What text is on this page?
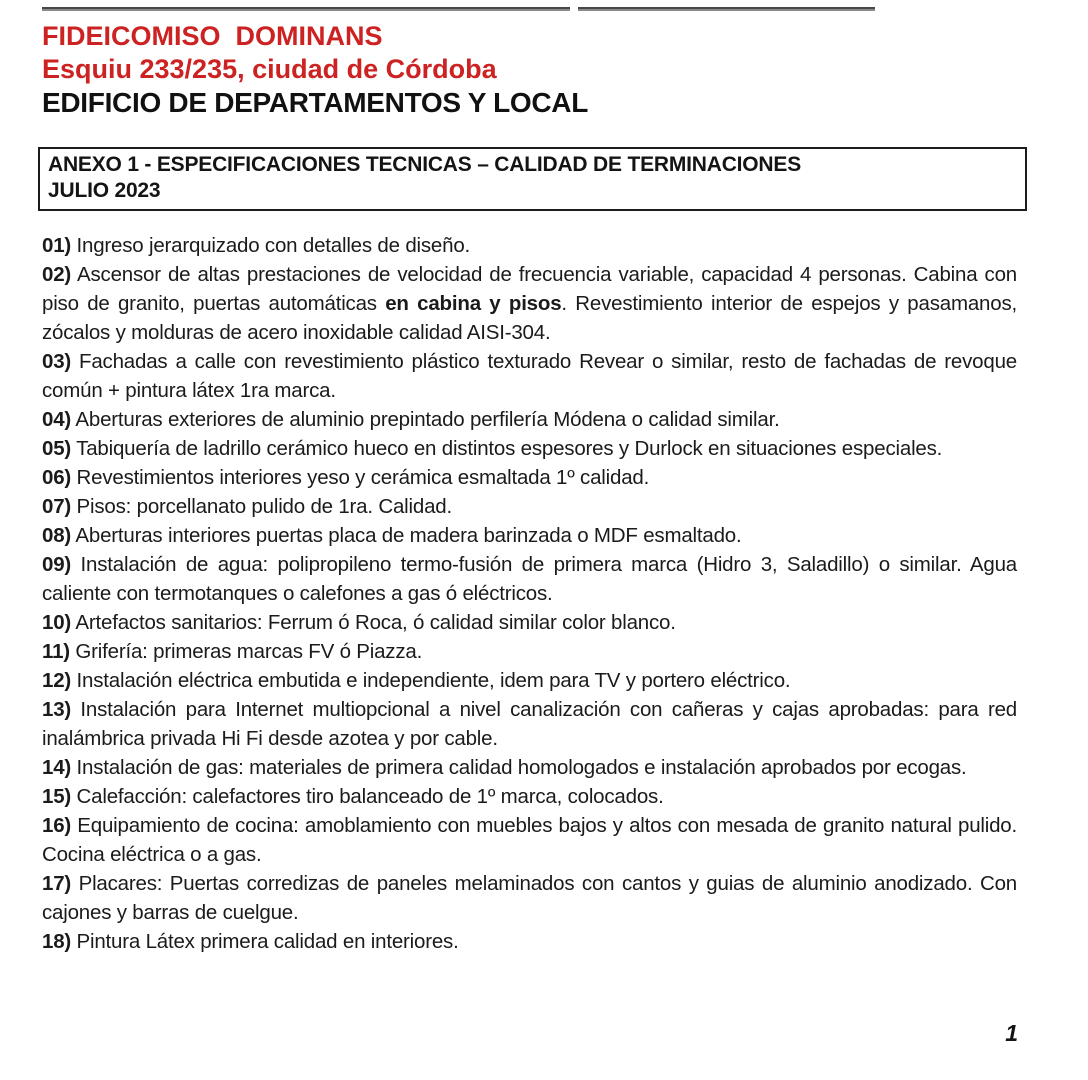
FIDEICOMISO  DOMINANS
Esquiu 233/235, ciudad de Córdoba
EDIFICIO DE DEPARTAMENTOS Y LOCAL
ANEXO 1 - ESPECIFICACIONES TECNICAS – CALIDAD DE TERMINACIONES
JULIO 2023

01) Ingreso jerarquizado con detalles de diseño.

02) Ascensor de altas prestaciones de velocidad de frecuencia variable, capacidad 4 personas. Cabina con piso de granito, puertas automáticas en cabina y pisos. Revestimiento interior de espejos y pasamanos, zócalos y molduras de acero inoxidable calidad AISI-304.

03) Fachadas a calle con revestimiento plástico texturado Revear o similar, resto de fachadas de revoque común + pintura látex 1ra marca.

04) Aberturas exteriores de aluminio prepintado perfilería Módena o calidad similar.

05) Tabiquería de ladrillo cerámico hueco en distintos espesores y Durlock en situaciones especiales.

06) Revestimientos interiores yeso y cerámica esmaltada 1º calidad.

07) Pisos: porcellanato pulido de 1ra. Calidad.

08) Aberturas interiores puertas placa de madera barinzada o MDF esmaltado.

09) Instalación de agua: polipropileno termo-fusión de primera marca (Hidro 3, Saladillo) o similar. Agua caliente con termotanques o calefones a gas ó eléctricos.

10) Artefactos sanitarios: Ferrum ó Roca, ó calidad similar color blanco.

11) Grifería: primeras marcas FV ó Piazza.

12) Instalación eléctrica embutida e independiente, idem para TV y portero eléctrico.

13) Instalación para Internet multiopcional a nivel canalización con cañeras y cajas aprobadas: para red inalámbrica privada Hi Fi desde azotea y por cable.

14) Instalación de gas: materiales de primera calidad homologados e instalación aprobados por ecogas.

15) Calefacción: calefactores tiro balanceado de 1º marca, colocados.

16) Equipamiento de cocina: amoblamiento con muebles bajos y altos con mesada de granito natural pulido. Cocina eléctrica o a gas.

17) Placares: Puertas corredizas de paneles melaminados con cantos y guias de aluminio anodizado. Con cajones y barras de cuelgue.

18) Pintura Látex primera calidad en interiores.

1
